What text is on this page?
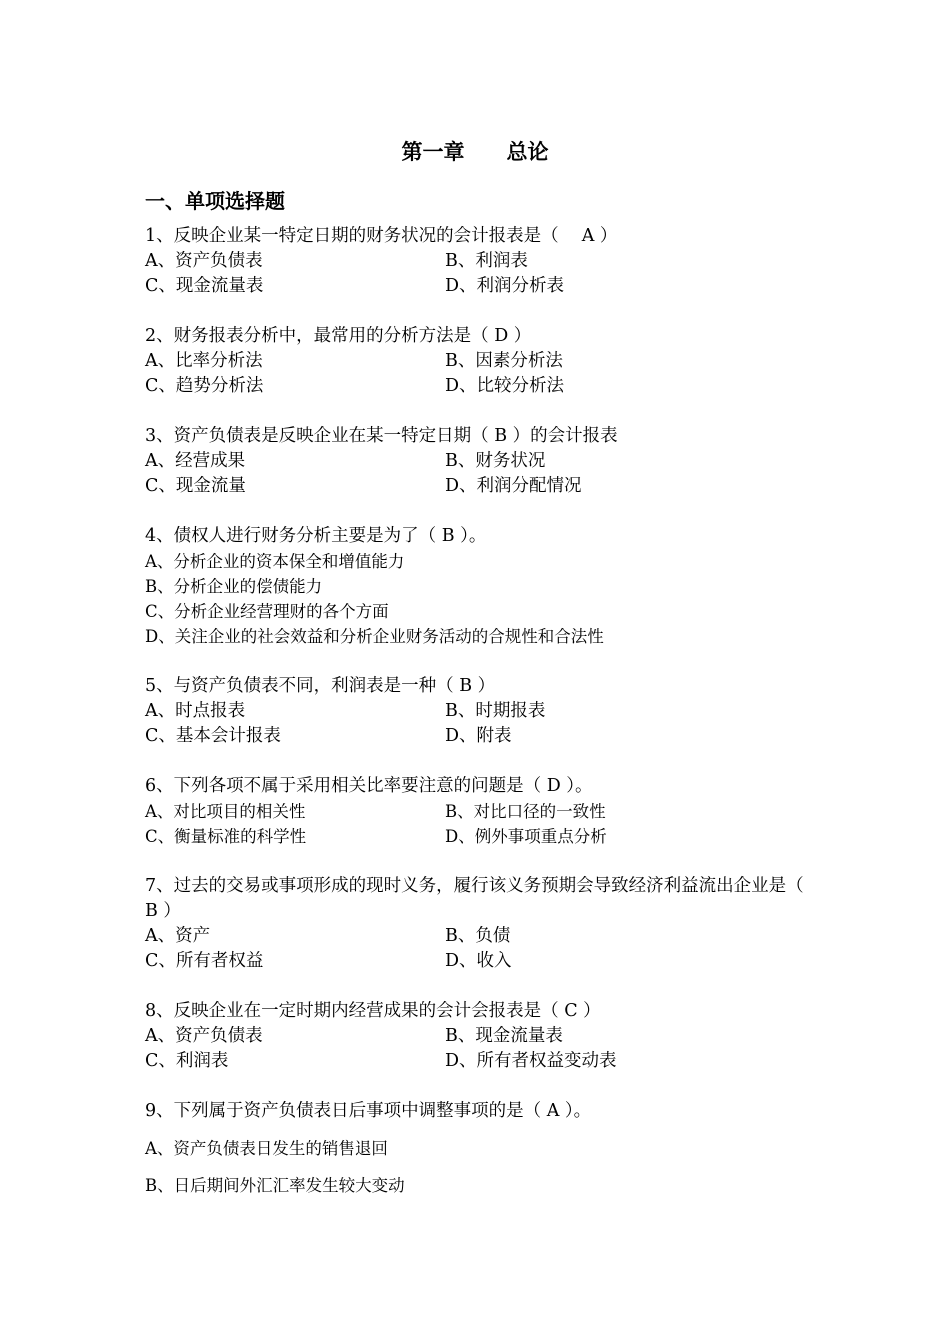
第一章　　总论
一、单项选择题
1、反映企业某一特定日期的财务状况的会计报表是（　 A ）
A、资产负债表	B、利润表
C、现金流量表	D、利润分析表
2、财务报表分析中，最常用的分析方法是（ D ）
A、比率分析法	B、因素分析法
C、趋势分析法	D、比较分析法
3、资产负债表是反映企业在某一特定日期（ B ）的会计报表
A、经营成果	B、财务状况
C、现金流量	D、利润分配情况
4、债权人进行财务分析主要是为了（ B ）。
A、分析企业的资本保全和增值能力
B、分析企业的偿债能力
C、分析企业经营理财的各个方面
D、关注企业的社会效益和分析企业财务活动的合规性和合法性
5、与资产负债表不同，利润表是一种（ B ）
A、时点报表	B、时期报表
C、基本会计报表	D、附表
6、下列各项不属于采用相关比率要注意的问题是（ D ）。
A、对比项目的相关性	B、对比口径的一致性
C、衡量标准的科学性	D、例外事项重点分析
7、过去的交易或事项形成的现时义务，履行该义务预期会导致经济利益流出企业是（ B ）
A、资产	B、负债
C、所有者权益	D、收入
8、反映企业在一定时期内经营成果的会计会报表是（ C ）
A、资产负债表	B、现金流量表
C、利润表	D、所有者权益变动表
9、下列属于资产负债表日后事项中调整事项的是（ A ）。
A、资产负债表日发生的销售退回
B、日后期间外汇汇率发生较大变动
